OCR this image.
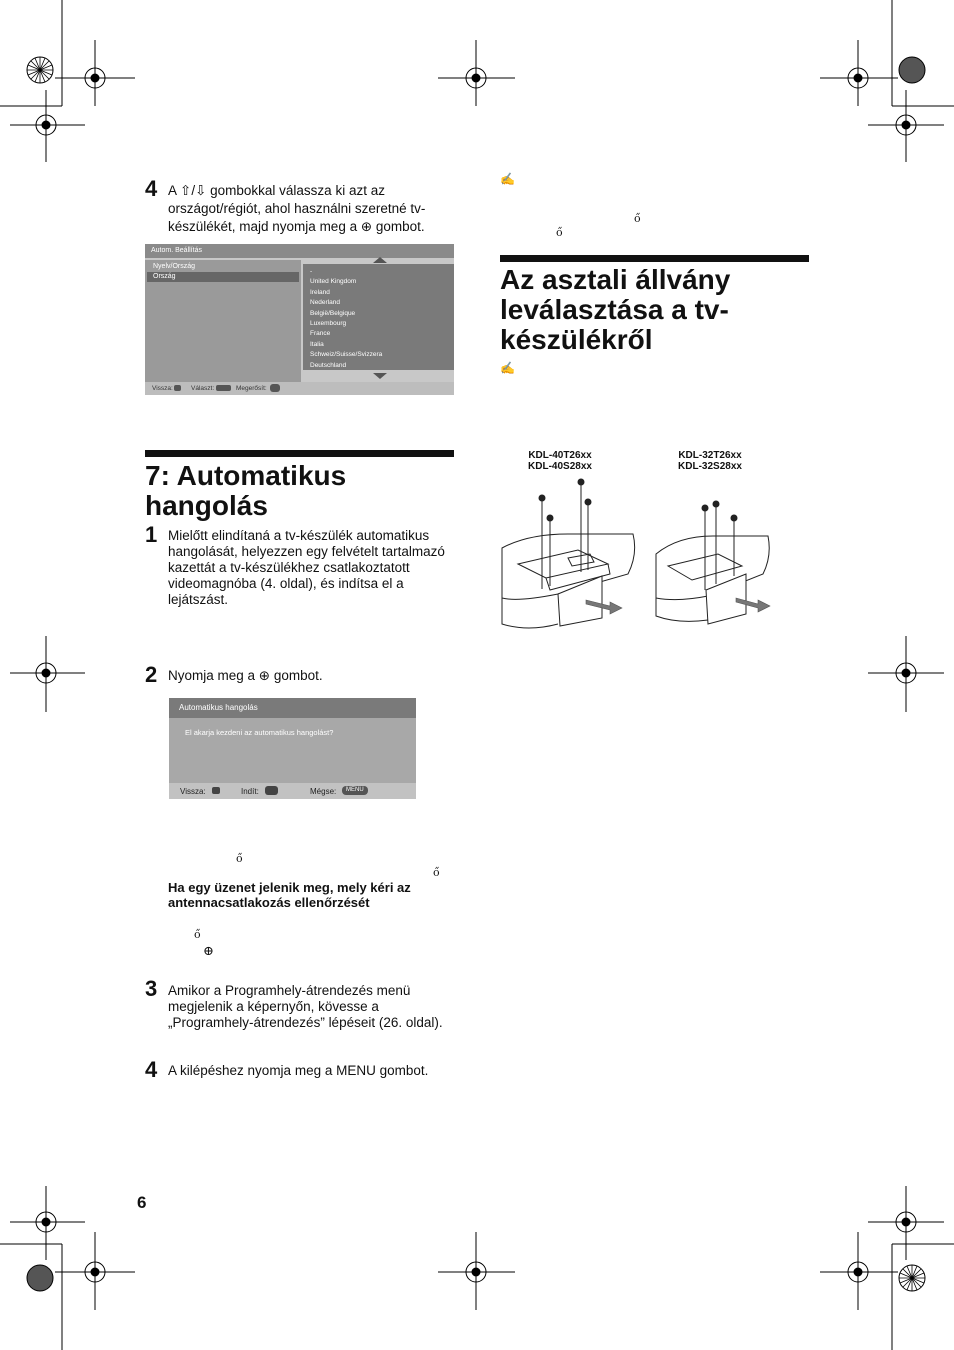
4 A ⇧/⇩ gombokkal válassza ki azt az
országot/régiót, ahol használni szeretné tv-
készülékét, majd nyomja meg a ⊕ gombot.
Autom. Beállítás
Nyelv/Ország
Ország
-
United Kingdom
Ireland
Nederland
België/Belgique
Luxembourg
France
Italia
Schweiz/Suisse/Svizzera
Deutschland
Vissza:	Választ:	Megerősít:
7: Automatikus
hangolás
1 Mielőtt elindítaná a tv-készülék automatikus
hangolását, helyezzen egy felvételt tartalmazó
kazettát a tv-készülékhez csatlakoztatott
videomagnóba (4. oldal), és indítsa el a
lejátszást.
2 Nyomja meg a ⊕ gombot.
Automatikus hangolás
El akarja kezdeni az automatikus hangolást?
Vissza:	Indít:	Mégse:	MENU
ő
ő
Ha egy üzenet jelenik meg, mely kéri az
antennacsatlakozás ellenőrzését
ő
⊕
3 Amikor a Programhely-átrendezés menü
megjelenik a képernyőn, kövesse a
„Programhely-átrendezés” lépéseit (26. oldal).
4 A kilépéshez nyomja meg a MENU gombot.
6
✍
ő
ő
Az asztali állvány
leválasztása a tv-
készülékről
✍
KDL-40T26xx
KDL-40S28xx
KDL-32T26xx
KDL-32S28xx
